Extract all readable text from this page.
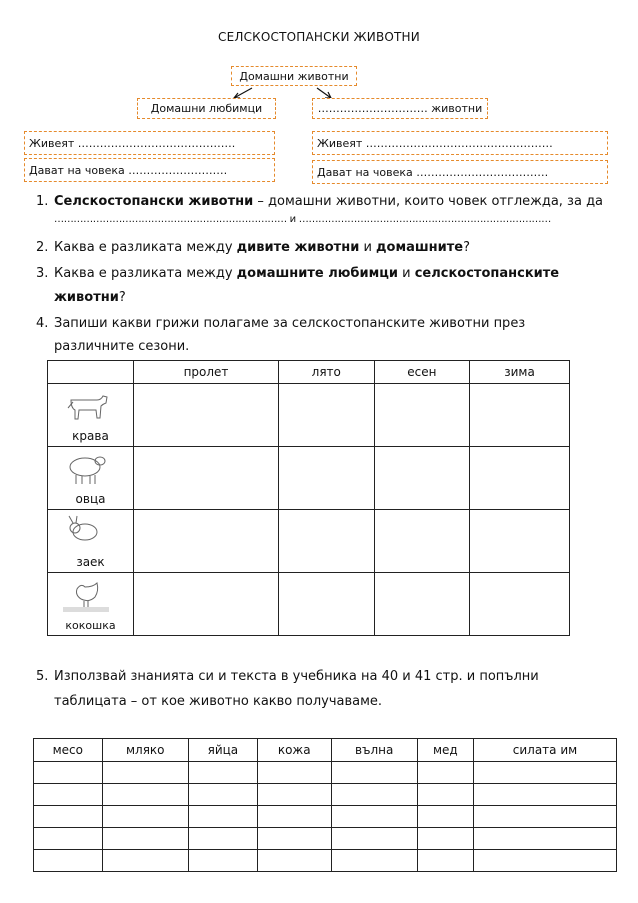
СЕЛСКОСТОПАНСКИ ЖИВОТНИ
Домашни животни
Домашни любимци	………………………… животни
Живеят …………………………………….
Дават на човека ………………………
Живеят ……………………………………………
Дават на човека ………………………………
1. Селскостопански животни – домашни животни, които човек отглежда, за да
……………………………………………………………… и ……………………………………………………………………
2. Каква е разликата между дивите животни и домашните?
3. Каква е разликата между домашните любимци и селскостопанските
животни?
4. Запиши какви грижи полагаме за селскостопанските животни през
различните сезони.
	пролет	лято	есен	зима

крава				

овца				

заек				

кокошка				

5. Използвай знанията си и текста в учебника на 40 и 41 стр. и попълни
таблицата – от кое животно какво получаваме.
месо	мляко	яйца	кожа	вълна	мед	силата им
